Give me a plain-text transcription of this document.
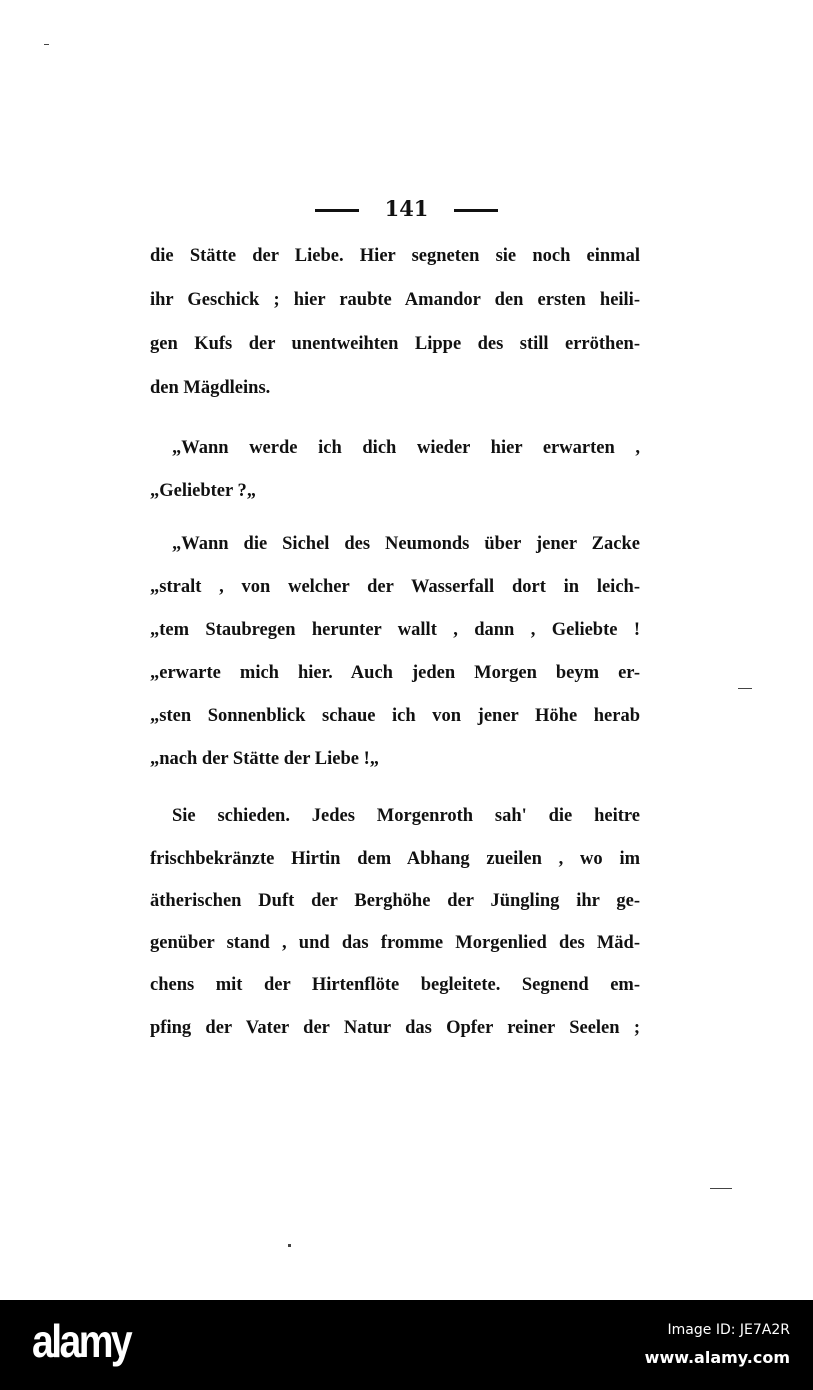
141
die Stätte der Liebe. Hier segneten sie noch einmal
ihr Geschick ; hier raubte Amandor den ersten heili-
gen Kufs der unentweihten Lippe des still erröthen-
den Mägdleins.
„Wann werde ich dich wieder hier erwarten ,
„Geliebter ?„
„Wann die Sichel des Neumonds über jener Zacke
„stralt , von welcher der Wasserfall dort in leich-
„tem Staubregen herunter wallt , dann , Geliebte !
„erwarte mich hier. Auch jeden Morgen beym er-
„sten Sonnenblick schaue ich von jener Höhe herab
„nach der Stätte der Liebe !„
Sie schieden. Jedes Morgenroth sah' die heitre
frischbekränzte Hirtin dem Abhang zueilen , wo im
ätherischen Duft der Berghöhe der Jüngling ihr ge-
genüber stand , und das fromme Morgenlied des Mäd-
chens mit der Hirtenflöte begleitete. Segnend em-
pfing der Vater der Natur das Opfer reiner Seelen ;
alamy	Image ID: JE7A2R
www.alamy.com
